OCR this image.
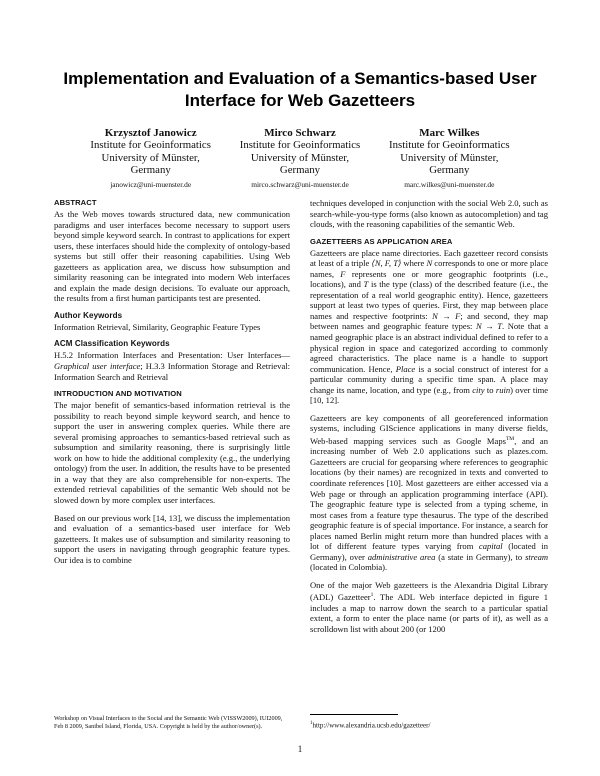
Implementation and Evaluation of a Semantics-based User Interface for Web Gazetteers
Krzysztof Janowicz
Institute for Geoinformatics
University of Münster,
Germany
janowicz@uni-muenster.de
Mirco Schwarz
Institute for Geoinformatics
University of Münster,
Germany
mirco.schwarz@uni-muenster.de
Marc Wilkes
Institute for Geoinformatics
University of Münster,
Germany
marc.wilkes@uni-muenster.de
ABSTRACT

As the Web moves towards structured data, new communication paradigms and user interfaces become necessary to support users beyond simple keyword search. In contrast to applications for expert users, these interfaces should hide the complexity of ontology-based systems but still offer their reasoning capabilities. Using Web gazetteers as application area, we discuss how subsumption and similarity reasoning can be integrated into modern Web interfaces and explain the made design decisions. To evaluate our approach, the results from a first human participants test are presented.

Author Keywords

Information Retrieval, Similarity, Geographic Feature Types

ACM Classification Keywords

H.5.2 Information Interfaces and Presentation: User Interfaces—Graphical user interface; H.3.3 Information Storage and Retrieval: Information Search and Retrieval

INTRODUCTION AND MOTIVATION

The major benefit of semantics-based information retrieval is the possibility to reach beyond simple keyword search, and hence to support the user in answering complex queries. While there are several promising approaches to semantics-based retrieval such as subsumption and similarity reasoning, there is surprisingly little work on how to hide the additional complexity (e.g., the underlying ontology) from the user. In addition, the results have to be presented in a way that they are also comprehensible for non-experts. The extended retrieval capabilities of the semantic Web should not be slowed down by more complex user interfaces.

Based on our previous work [14, 13], we discuss the implementation and evaluation of a semantics-based user interface for Web gazetteers. It makes use of subsumption and similarity reasoning to support the users in navigating through geographic feature types. Our idea is to combine

techniques developed in conjunction with the social Web 2.0, such as search-while-you-type forms (also known as autocompletion) and tag clouds, with the reasoning capabilities of the semantic Web.

GAZETTEERS AS APPLICATION AREA

Gazetteers are place name directories. Each gazetteer record consists at least of a triple ⟨N, F, T⟩ where N corresponds to one or more place names, F represents one or more geographic footprints (i.e., locations), and T is the type (class) of the described feature (i.e., the representation of a real world geographic entity). Hence, gazetteers support at least two types of queries. First, they map between place names and respective footprints: N → F; and second, they map between names and geographic feature types: N → T. Note that a named geographic place is an abstract individual defined to refer to a physical region in space and categorized according to commonly agreed characteristics. The place name is a handle to support communication. Hence, Place is a social construct of interest for a particular community during a specific time span. A place may change its name, location, and type (e.g., from city to ruin) over time [10, 12].

Gazetteers are key components of all georeferenced information systems, including GIScience applications in many diverse fields, Web-based mapping services such as Google Maps™, and an increasing number of Web 2.0 applications such as plazes.com. Gazetteers are crucial for geoparsing where references to geographic locations (by their names) are recognized in texts and converted to coordinate references [10]. Most gazetteers are either accessed via a Web page or through an application programming interface (API). The geographic feature type is selected from a typing scheme, in most cases from a feature type thesaurus. The type of the described geographic feature is of special importance. For instance, a search for places named Berlin might return more than hundred places with a lot of different feature types varying from capital (located in Germany), over administrative area (a state in Germany), to stream (located in Colombia).

One of the major Web gazetteers is the Alexandria Digital Library (ADL) Gazetteer$^1$. The ADL Web interface depicted in figure 1 includes a map to narrow down the search to a particular spatial extent, a form to enter the place name (or parts of it), as well as a scrolldown list with about 200 (or 1200

Workshop on Visual Interfaces to the Social and the Semantic Web (VISSW2009), IUI2009, Feb 8 2009, Sanibel Island, Florida, USA. Copyright is held by the author/owner(s).	$^1$http://www.alexandria.ucsb.edu/gazetteer/
1
